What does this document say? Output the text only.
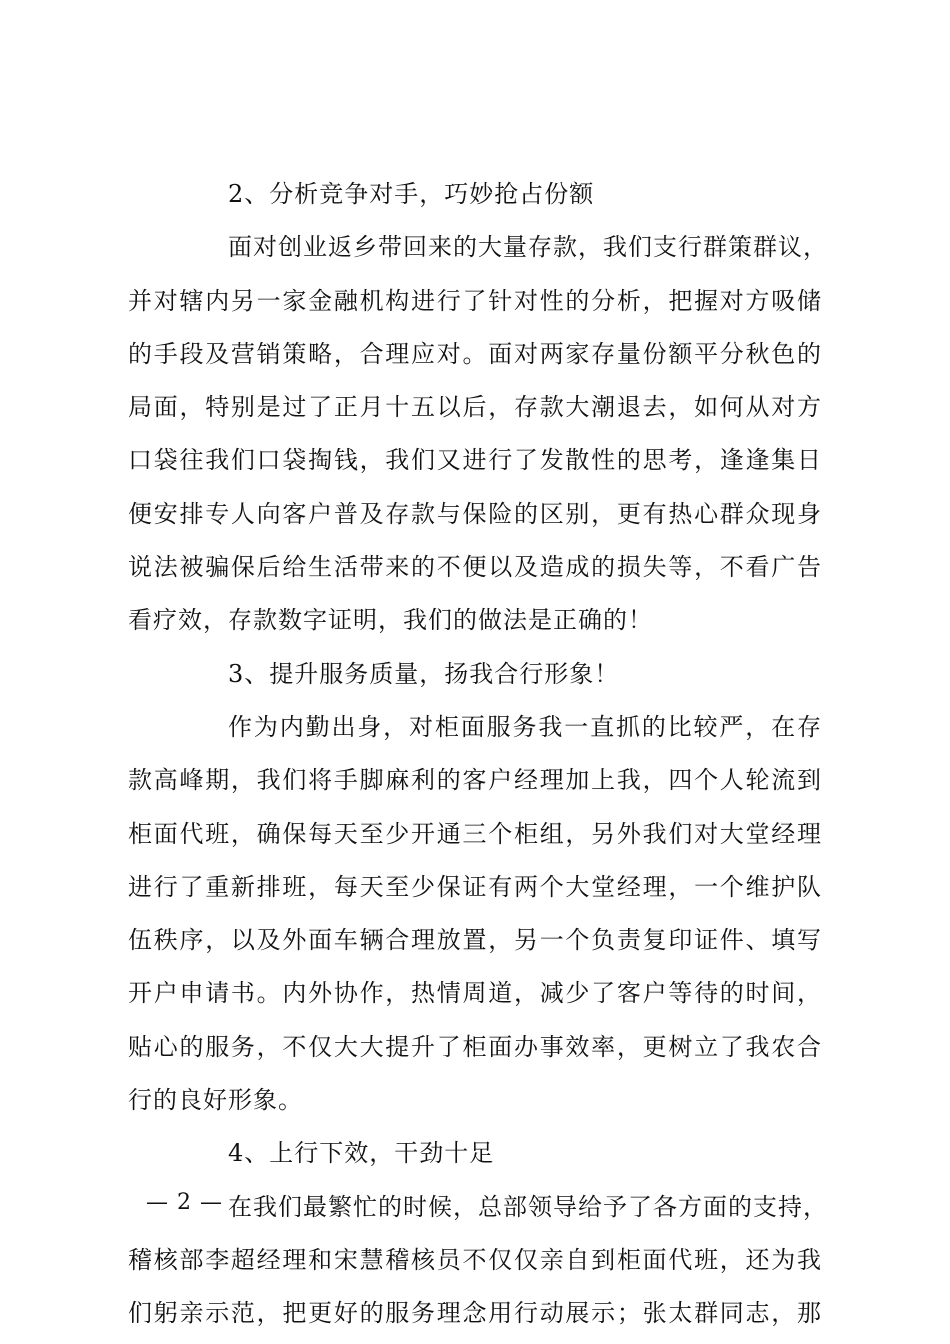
2、分析竞争对手，巧妙抢占份额
面对创业返乡带回来的大量存款，我们支行群策群议，
并对辖内另一家金融机构进行了针对性的分析，把握对方吸储
的手段及营销策略，合理应对。面对两家存量份额平分秋色的
局面，特别是过了正月十五以后，存款大潮退去，如何从对方
口袋往我们口袋掏钱，我们又进行了发散性的思考，逢逢集日
便安排专人向客户普及存款与保险的区别，更有热心群众现身
说法被骗保后给生活带来的不便以及造成的损失等，不看广告
看疗效，存款数字证明，我们的做法是正确的！
3、提升服务质量，扬我合行形象！
作为内勤出身，对柜面服务我一直抓的比较严，在存
款高峰期，我们将手脚麻利的客户经理加上我，四个人轮流到
柜面代班，确保每天至少开通三个柜组，另外我们对大堂经理
进行了重新排班，每天至少保证有两个大堂经理，一个维护队
伍秩序，以及外面车辆合理放置，另一个负责复印证件、填写
开户申请书。内外协作，热情周道，减少了客户等待的时间，
贴心的服务，不仅大大提升了柜面办事效率，更树立了我农合
行的良好形象。
4、上行下效，干劲十足
在我们最繁忙的时候，总部领导给予了各方面的支持，
稽核部李超经理和宋慧稽核员不仅仅亲自到柜面代班，还为我
们躬亲示范，把更好的服务理念用行动展示；张太群同志，那
— 2 —
